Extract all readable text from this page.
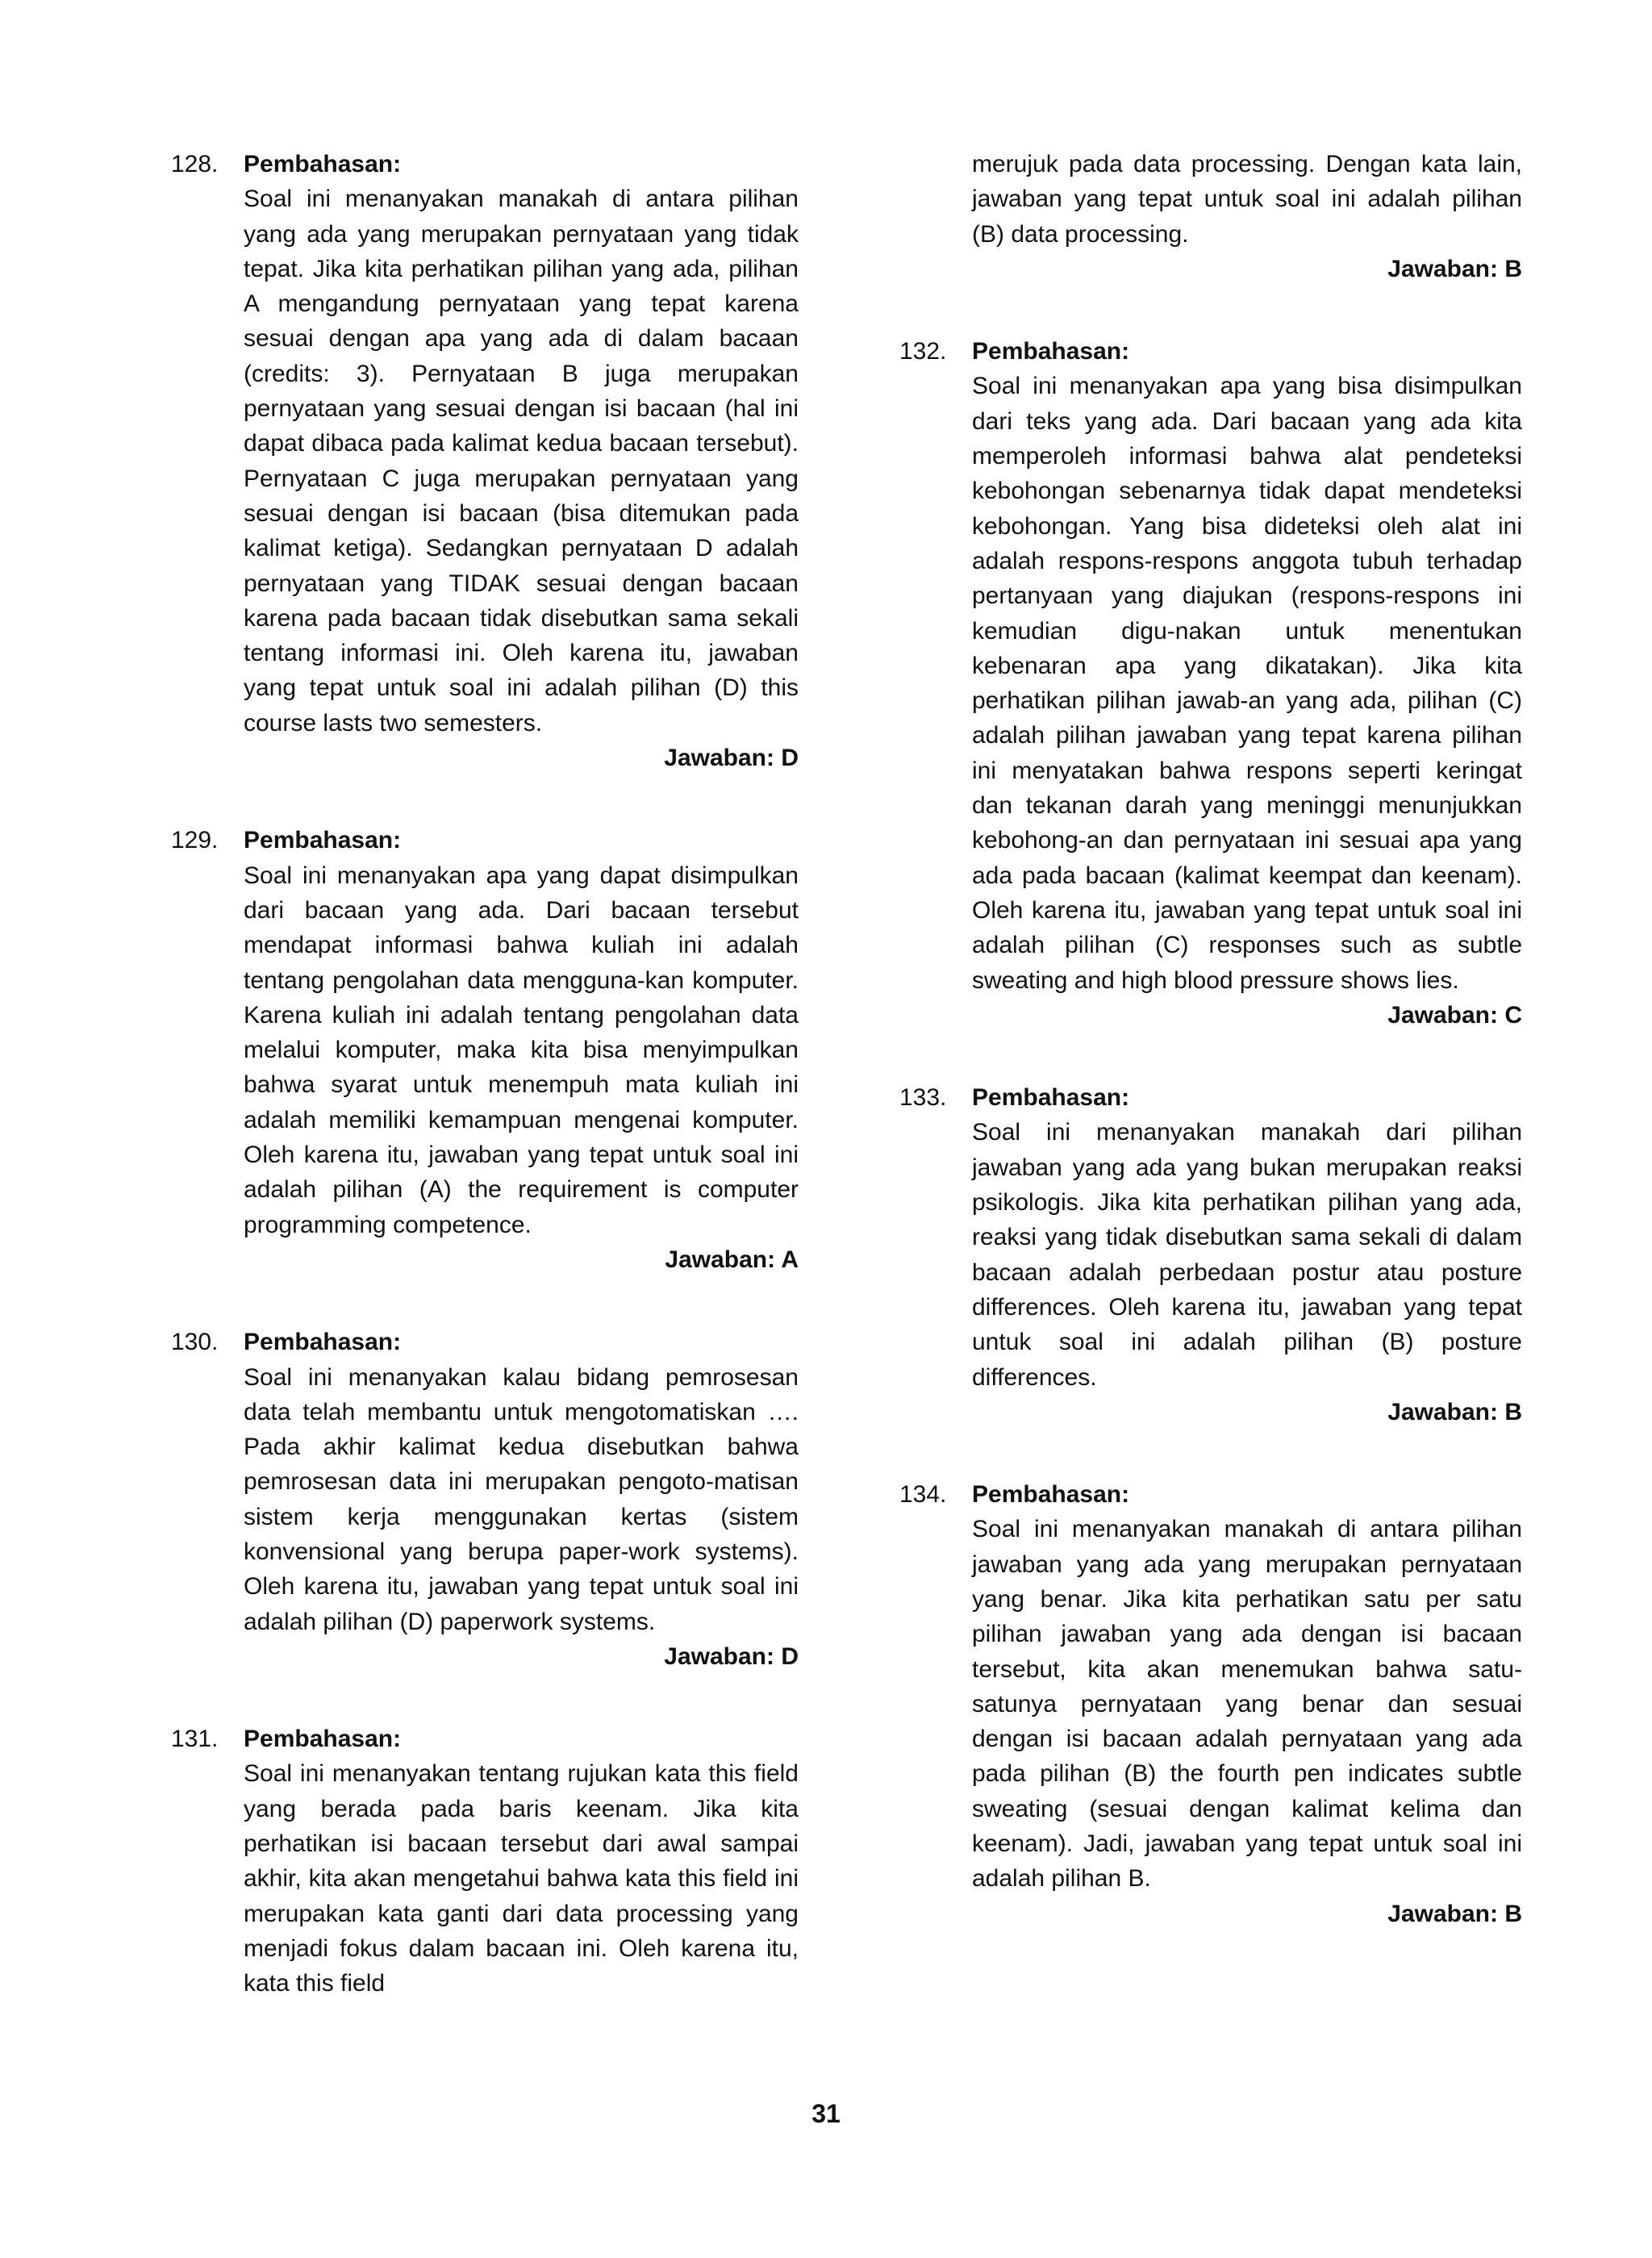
128.	Pembahasan:

Soal ini menanyakan manakah di antara pilihan yang ada yang merupakan pernyataan yang tidak tepat. Jika kita perhatikan pilihan yang ada, pilihan A mengandung pernyataan yang tepat karena sesuai dengan apa yang ada di dalam bacaan (credits: 3). Pernyataan B juga merupakan pernyataan yang sesuai dengan isi bacaan (hal ini dapat dibaca pada kalimat kedua bacaan tersebut). Pernyataan C juga merupakan pernyataan yang sesuai dengan isi bacaan (bisa ditemukan pada kalimat ketiga). Sedangkan pernyataan D adalah pernyataan yang TIDAK sesuai dengan bacaan karena pada bacaan tidak disebutkan sama sekali tentang informasi ini. Oleh karena itu, jawaban yang tepat untuk soal ini adalah pilihan (D) this course lasts two semesters.

Jawaban: D
129.	Pembahasan:

Soal ini menanyakan apa yang dapat disimpulkan dari bacaan yang ada. Dari bacaan tersebut mendapat informasi bahwa kuliah ini adalah tentang pengolahan data mengguna-kan komputer. Karena kuliah ini adalah tentang pengolahan data melalui komputer, maka kita bisa menyimpulkan bahwa syarat untuk menempuh mata kuliah ini adalah memiliki kemampuan mengenai komputer. Oleh karena itu, jawaban yang tepat untuk soal ini adalah pilihan (A) the requirement is computer programming competence.

Jawaban: A
130.	Pembahasan:

Soal ini menanyakan kalau bidang pemrosesan data telah membantu untuk mengotomatiskan …. Pada akhir kalimat kedua disebutkan bahwa pemrosesan data ini merupakan pengoto-matisan sistem kerja menggunakan kertas (sistem konvensional yang berupa paper-work systems). Oleh karena itu, jawaban yang tepat untuk soal ini adalah pilihan (D) paperwork systems.

Jawaban: D
131.	Pembahasan:

Soal ini menanyakan tentang rujukan kata this field yang berada pada baris keenam. Jika kita perhatikan isi bacaan tersebut dari awal sampai akhir, kita akan mengetahui bahwa kata this field ini merupakan kata ganti dari data processing yang menjadi fokus dalam bacaan ini. Oleh karena itu, kata this field

merujuk pada data processing. Dengan kata lain, jawaban yang tepat untuk soal ini adalah pilihan (B) data processing.

Jawaban: B
132.	Pembahasan:

Soal ini menanyakan apa yang bisa disimpulkan dari teks yang ada. Dari bacaan yang ada kita memperoleh informasi bahwa alat pendeteksi kebohongan sebenarnya tidak dapat mendeteksi kebohongan. Yang bisa dideteksi oleh alat ini adalah respons-respons anggota tubuh terhadap pertanyaan yang diajukan (respons-respons ini kemudian digu-nakan untuk menentukan kebenaran apa yang dikatakan). Jika kita perhatikan pilihan jawab-an yang ada, pilihan (C) adalah pilihan jawaban yang tepat karena pilihan ini menyatakan bahwa respons seperti keringat dan tekanan darah yang meninggi menunjukkan kebohong-an dan pernyataan ini sesuai apa yang ada pada bacaan (kalimat keempat dan keenam). Oleh karena itu, jawaban yang tepat untuk soal ini adalah pilihan (C) responses such as subtle sweating and high blood pressure shows lies.

Jawaban: C
133.	Pembahasan:

Soal ini menanyakan manakah dari pilihan jawaban yang ada yang bukan merupakan reaksi psikologis. Jika kita perhatikan pilihan yang ada, reaksi yang tidak disebutkan sama sekali di dalam bacaan adalah perbedaan postur atau posture differences. Oleh karena itu, jawaban yang tepat untuk soal ini adalah pilihan (B) posture differences.

Jawaban: B
134.	Pembahasan:

Soal ini menanyakan manakah di antara pilihan jawaban yang ada yang merupakan pernyataan yang benar. Jika kita perhatikan satu per satu pilihan jawaban yang ada dengan isi bacaan tersebut, kita akan menemukan bahwa satu-satunya pernyataan yang benar dan sesuai dengan isi bacaan adalah pernyataan yang ada pada pilihan (B) the fourth pen indicates subtle sweating (sesuai dengan kalimat kelima dan keenam). Jadi, jawaban yang tepat untuk soal ini adalah pilihan B.

Jawaban: B
31
